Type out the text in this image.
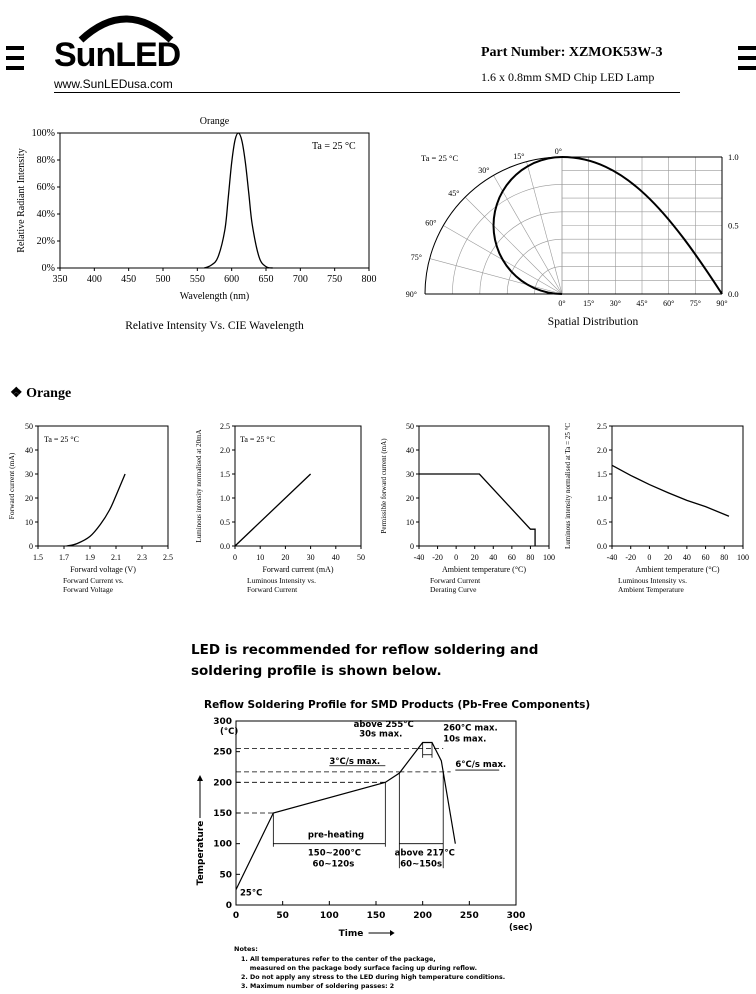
SunLED
www.SunLEDusa.com
Part Number: XZMOK53W-3
1.6 x 0.8mm SMD Chip LED Lamp
350 400 450 500 550 600 650 700 750 800
0%
20%
40%
60%
80%
100%
Wavelength (nm)
Relative Radiant Intensity
Ta = 25 °C
Orange
Relative Intensity Vs. CIE Wavelength
0°
15°
30°
45°
60°
75°
90°
0° 15° 30° 45° 60° 75° 90°
0.0
0.5
1.0
Ta = 25 °C
Spatial Distribution
❖ Orange
1.5 1.7 1.9 2.1 2.3 2.5
0
10
20
30
40
50
Forward voltage (V)
Forward current (mA)
Ta = 25 °C
Forward Current vs.
Forward Voltage
0 10 20 30 40 50
0.0
0.5
1.0
1.5
2.0
2.5
Forward current (mA)
Luminous intensity normalised at 20mA	Ta = 25 °C
Luminous Intensity vs.
Forward Current
-40 -20 0 20 40 60 80 100
0
10
20
30
40
50
Ambient temperature (°C)
Permissible forward current (mA)
Forward Current
Derating Curve
-40 -20 0 20 40 60 80 100
0.0
0.5
1.0
1.5
2.0
2.5
Ambient temperature (°C)
Luminous intensity normalised at Ta = 25 °C
Luminous Intensity vs.
Ambient Temperature
LED is recommended for reflow soldering and
soldering profile is shown below.
Reflow Soldering Profile for SMD Products (Pb-Free Components)
0	50	100	150	200	250	300
0
50
100
150
200
250
300
(°C)
(sec)
Time
Temperature
25°C
pre-heating
150~200°C
60~120s
above 217°C
60~150s
3°C/s max.
above 255°C
30s max.
260°C max.
10s max.
6°C/s max.
Notes:
1. All temperatures refer to the center of the package,
measured on the package body surface facing up during reflow.
2. Do not apply any stress to the LED during high temperature conditions.
3. Maximum number of soldering passes: 2
